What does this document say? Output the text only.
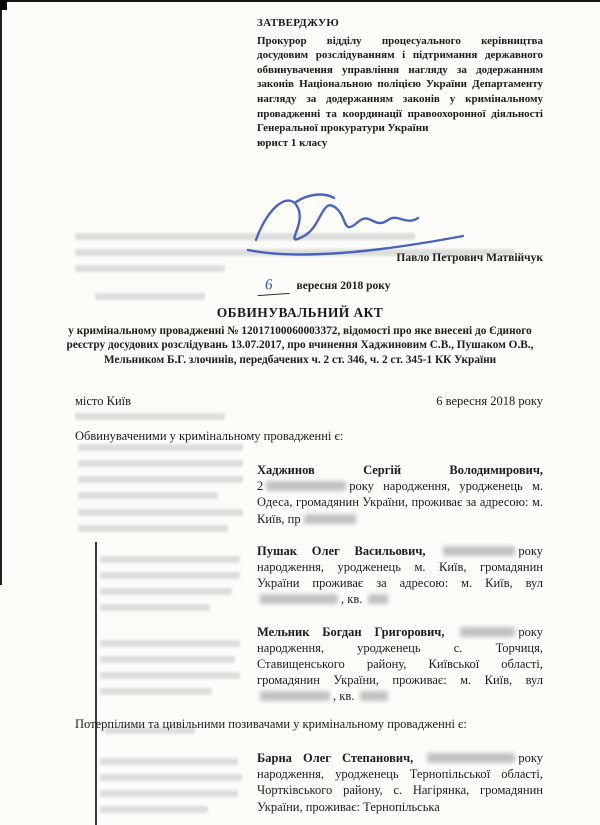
ЗАТВЕРДЖУЮ
Прокурор відділу процесуального керівництва досудовим розслідуванням і підтримання державного обвинувачення управління нагляду за додержанням законів Національною поліцією України Департаменту нагляду за додержанням законів у кримінальному провадженні та координації правоохоронної діяльності Генеральної прокуратури України
юрист 1 класу
Павло Петрович Матвійчук
6 вересня 2018 року
ОБВИНУВАЛЬНИЙ АКТ
у кримінальному провадженні № 12017100060003372, відомості про яке внесені до Єдиного реєстру досудових розслідувань 13.07.2017, про вчинення Хаджиновим С.В., Пушаком О.В., Мельником Б.Г. злочинів, передбачених ч. 2 ст. 346, ч. 2 ст. 345-1 КК України
місто Київ	6 вересня 2018 року
Обвинуваченими у кримінальному провадженні є:

Хаджинов Сергій Володимирович,
2	року народження, уродженець м. Одеса, громадянин України, проживає за адресою: м. Київ, пр

Пушак Олег Васильович,	року народження, уродженець м. Київ, громадянин України проживає за адресою: м. Київ, вул, кв.

Мельник Богдан Григорович,	року народження, уродженець с. Торчиця, Ставищенського району, Київської області, громадянин України, проживає: м. Київ, вул, кв.

Потерпілими та цивільними позивачами у кримінальному провадженні є:

Барна Олег Степанович,	року народження, уродженець Тернопільської області, Чортківського району, с. Нагірянка, громадянин України, проживає: Тернопільська
